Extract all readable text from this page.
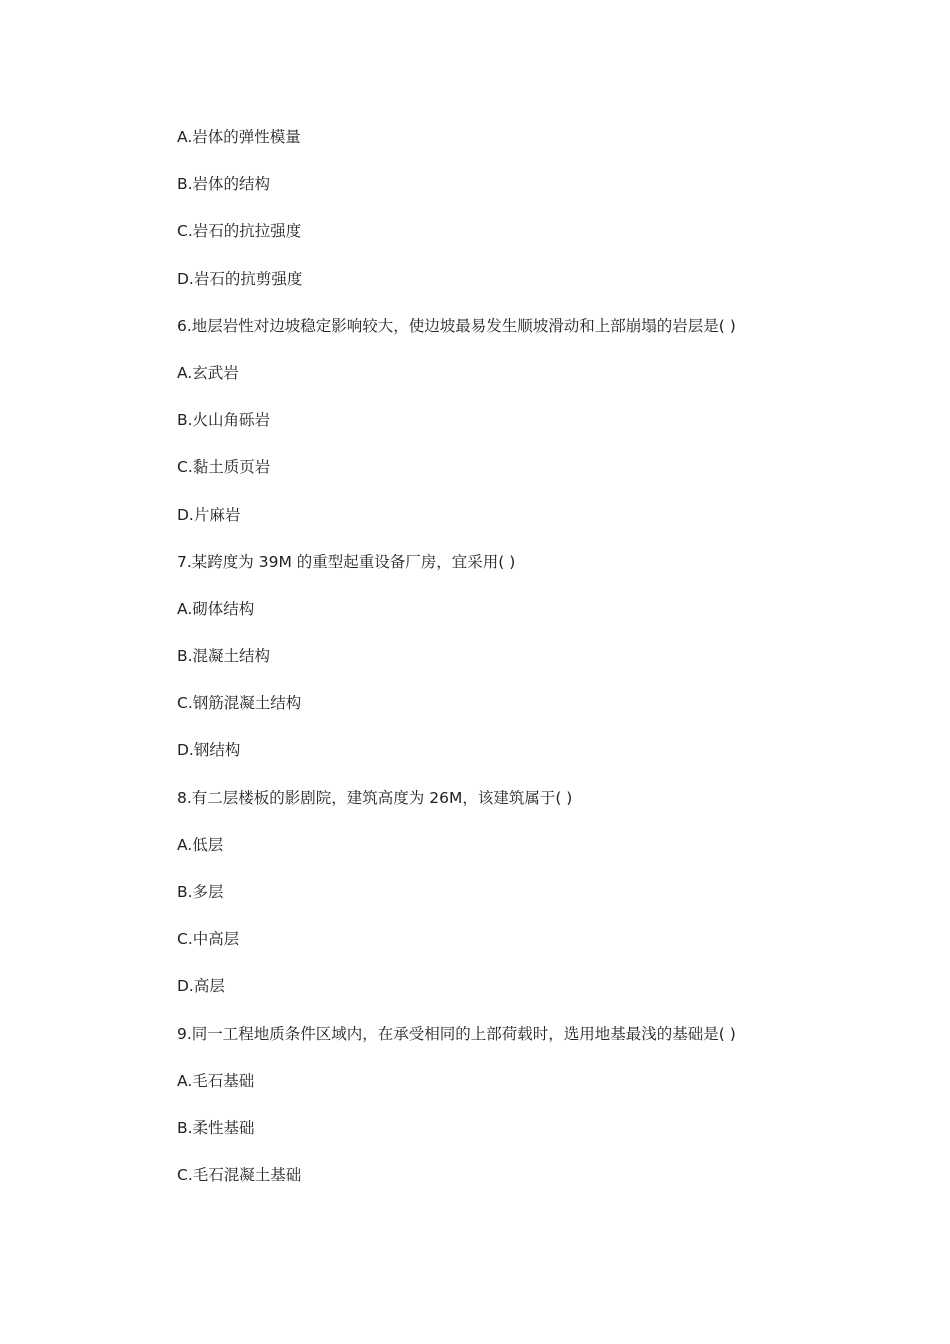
A.岩体的弹性模量
B.岩体的结构
C.岩石的抗拉强度
D.岩石的抗剪强度
6.地层岩性对边坡稳定影响较大，使边坡最易发生顺坡滑动和上部崩塌的岩层是( )
A.玄武岩
B.火山角砾岩
C.黏土质页岩
D.片麻岩
7.某跨度为 39M 的重型起重设备厂房，宜采用( )
A.砌体结构
B.混凝土结构
C.钢筋混凝土结构
D.钢结构
8.有二层楼板的影剧院，建筑高度为 26M，该建筑属于( )
A.低层
B.多层
C.中高层
D.高层
9.同一工程地质条件区域内，在承受相同的上部荷载时，选用地基最浅的基础是( )
A.毛石基础
B.柔性基础
C.毛石混凝土基础
